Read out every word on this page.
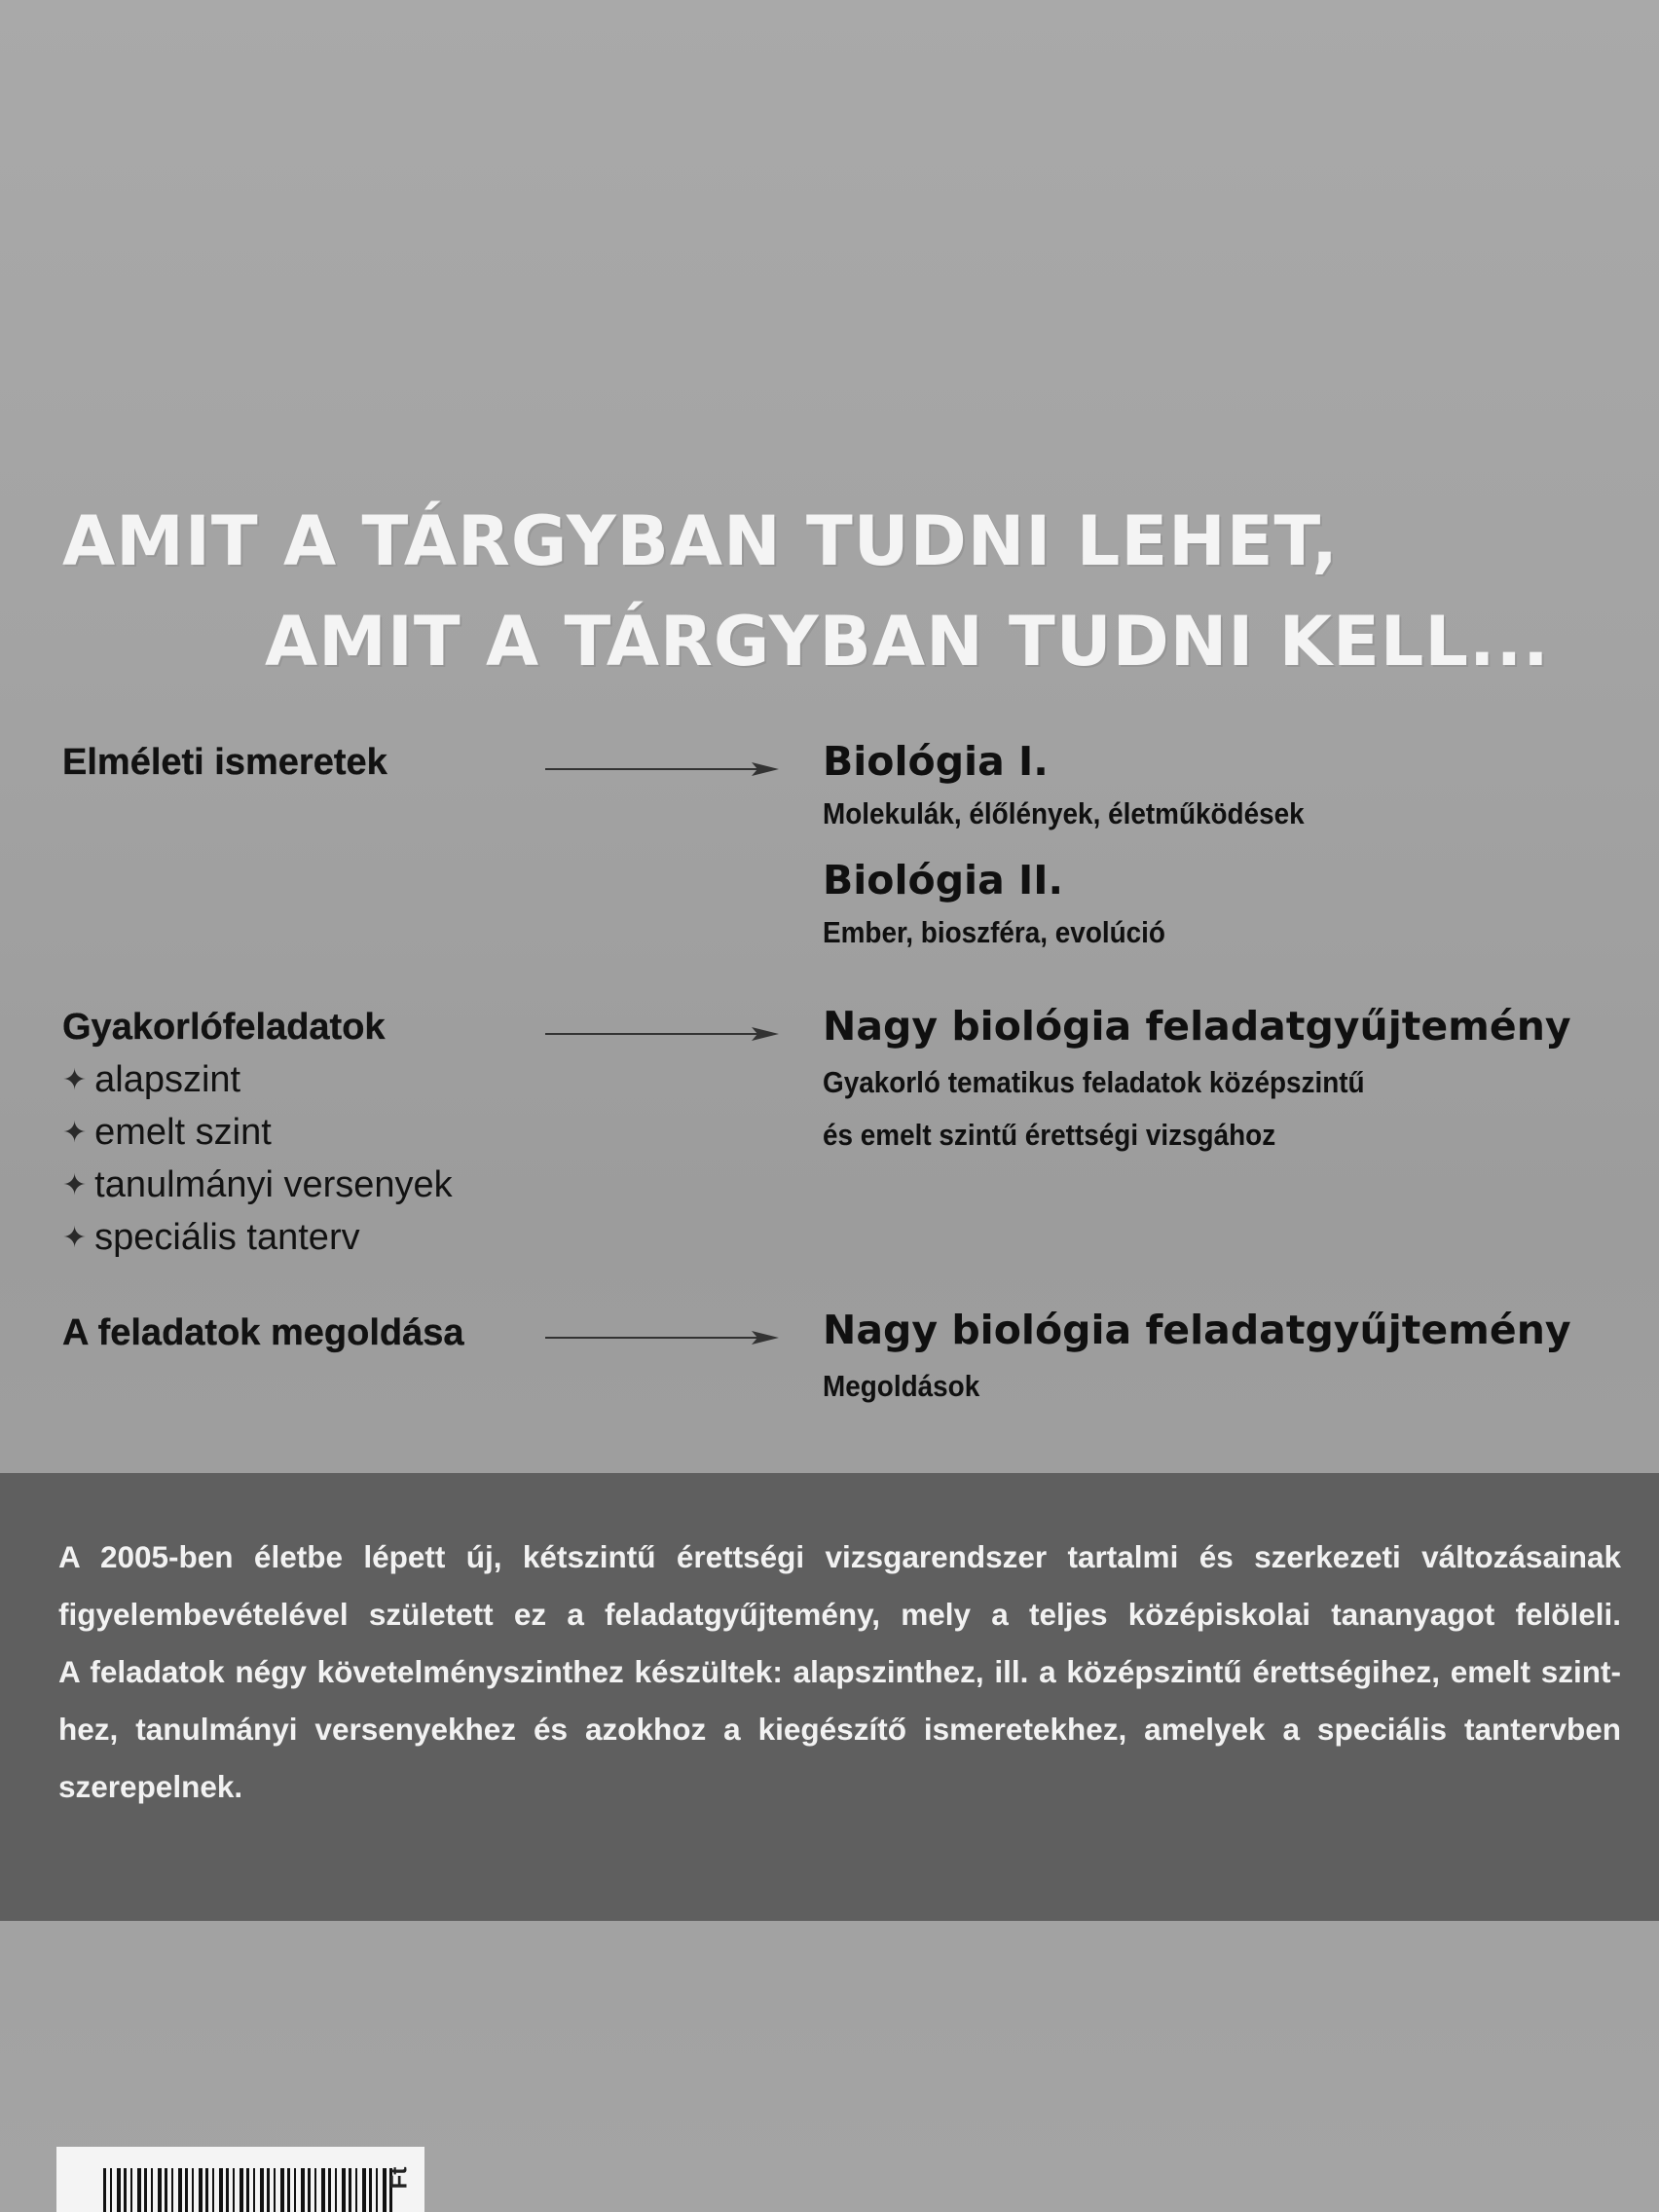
AMIT A TÁRGYBAN TUDNI LEHET,
AMIT A TÁRGYBAN TUDNI KELL...
Elméleti ismeretek	Biológia I.
Molekulák, élőlények, életműködések
Biológia II.
Ember, bioszféra, evolúció
Gyakorlófeladatok
✦ alapszint
✦ emelt szint
✦ tanulmányi versenyek
✦ speciális tanterv
Nagy biológia feladatgyűjtemény
Gyakorló tematikus feladatok középszintű
és emelt szintű érettségi vizsgához
A feladatok megoldása	Nagy biológia feladatgyűjtemény
Megoldások
A 2005-ben életbe lépett új, kétszintű érettségi vizsgarendszer tartalmi és szerkezeti változásainak
figyelembevételével született ez a feladatgyűjtemény, mely a teljes középiskolai tananyagot felöleli.
A feladatok négy követelményszinthez készültek: alapszinthez, ill. a középszintű érettségihez, emelt szint-
hez, tanulmányi versenyekhez és azokhoz a kiegészítő ismeretekhez, amelyek a speciális tantervben
szerepelnek.
Ft
